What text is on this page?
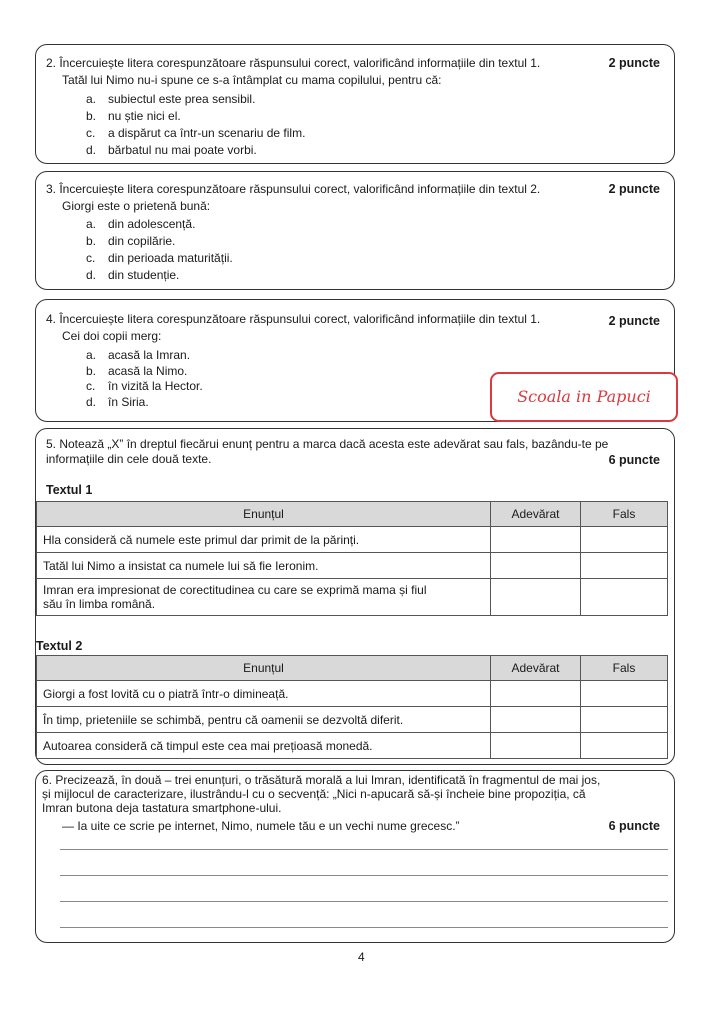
2. Încercuiește litera corespunzătoare răspunsului corect, valorificând informațiile din textul 1.	2 puncte
Tatăl lui Nimo nu-i spune ce s-a întâmplat cu mama copilului, pentru că:
a. subiectul este prea sensibil.
b. nu știe nici el.
c. a dispărut ca într-un scenariu de film.
d. bărbatul nu mai poate vorbi.
3. Încercuiește litera corespunzătoare răspunsului corect, valorificând informațiile din textul 2.	2 puncte
Giorgi este o prietenă bună:
a. din adolescență.
b. din copilărie.
c. din perioada maturității.
d. din studenție.
4. Încercuiește litera corespunzătoare răspunsului corect, valorificând informațiile din textul 1.	2 puncte
Cei doi copii merg:
a. acasă la Imran.
b. acasă la Nimo.
c. în vizită la Hector.
d. în Siria.	Scoala in Papuci
5. Notează „X” în dreptul fiecărui enunț pentru a marca dacă acesta este adevărat sau fals, bazându-te pe
informațiile din cele două texte.	6 puncte
Textul 1
Enunțul	Adevărat	Fals
Hla consideră că numele este primul dar primit de la părinți.		
Tatăl lui Nimo a insistat ca numele lui să fie Ieronim.		

Imran era impresionat de corectitudinea cu care se exprimă mama și fiul
său în limba română.		

Textul 2
Enunțul	Adevărat	Fals
Giorgi a fost lovită cu o piatră într-o dimineață.		
În timp, prieteniile se schimbă, pentru că oamenii se dezvoltă diferit.		
Autoarea consideră că timpul este cea mai prețioasă monedă.		
6. Precizează, în două – trei enunțuri, o trăsătură morală a lui Imran, identificată în fragmentul de mai jos,
și mijlocul de caracterizare, ilustrându-l cu o secvență: „Nici n-apucară să-și încheie bine propoziția, că
Imran butona deja tastatura smartphone-ului.
— Ia uite ce scrie pe internet, Nimo, numele tău e un vechi nume grecesc.”	6 puncte
4
